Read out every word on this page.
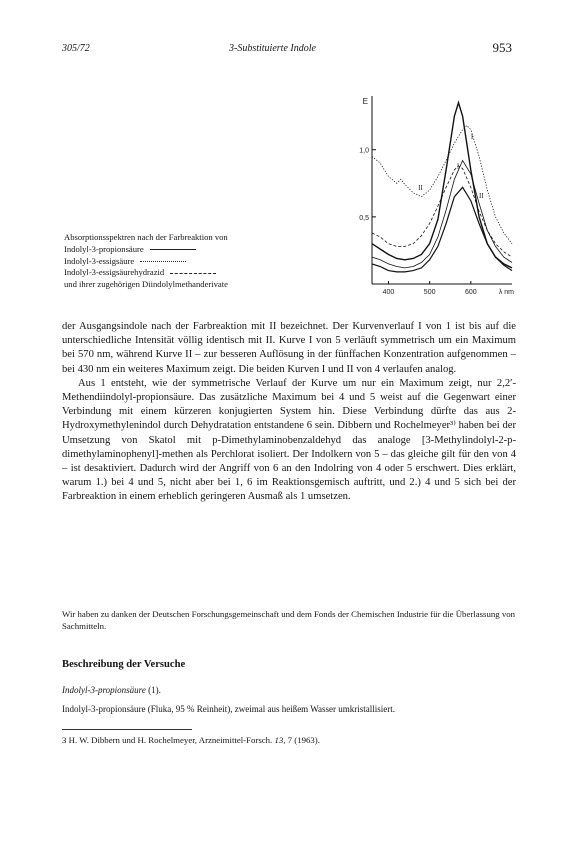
305/72	3-Substituierte Indole	953
Absorptionsspektren nach der Farbreaktion von
Indolyl-3-propionsäure
Indolyl-3-essigsäure
Indolyl-3-essigsäurehydrazid
und ihrer zugehörigen Diindolylmethanderivate
0,5
1,0
400	500	600
E
λ nm
I
II
I
II

der Ausgangsindole nach der Farbreaktion mit II bezeichnet. Der Kurvenverlauf I von 1 ist bis auf die unterschiedliche Intensität völlig identisch mit II. Kurve I von 5 verläuft symmetrisch um ein Maximum bei 570 nm, während Kurve II – zur besseren Auflösung in der fünffachen Konzentration aufgenommen – bei 430 nm ein weiteres Maximum zeigt. Die beiden Kurven I und II von 4 verlaufen analog.

Aus 1 entsteht, wie der symmetrische Verlauf der Kurve um nur ein Maximum zeigt, nur 2,2′-Methendiindolyl-propionsäure. Das zusätzliche Maximum bei 4 und 5 weist auf die Gegenwart einer Verbindung mit einem kürzeren konjugierten System hin. Diese Verbindung dürfte das aus 2-Hydroxymethylenindol durch Dehydratation entstandene 6 sein. Dibbern und Rochelmeyer³⁾ haben bei der Umsetzung von Skatol mit p-Dimethylaminobenzaldehyd das analoge [3-Methylindolyl-2-p-dimethylaminophenyl]-methen als Perchlorat isoliert. Der Indolkern von 5 – das gleiche gilt für den von 4 – ist desaktiviert. Dadurch wird der Angriff von 6 an den Indolring von 4 oder 5 erschwert. Dies erklärt, warum 1.) bei 4 und 5, nicht aber bei 1, 6 im Reaktionsgemisch auftritt, und 2.) 4 und 5 sich bei der Farbreaktion in einem erheblich geringeren Ausmaß als 1 umsetzen.

Wir haben zu danken der Deutschen Forschungsgemeinschaft und dem Fonds der Chemischen Industrie für die Überlassung von Sachmitteln.
Beschreibung der Versuche
Indolyl-3-propionsäure (1).
Indolyl-3-propionsäure (Fluka, 95 % Reinheit), zweimal aus heißem Wasser umkristallisiert.
3 H. W. Dibbern und H. Rochelmeyer, Arzneimittel-Forsch. 13, 7 (1963).
